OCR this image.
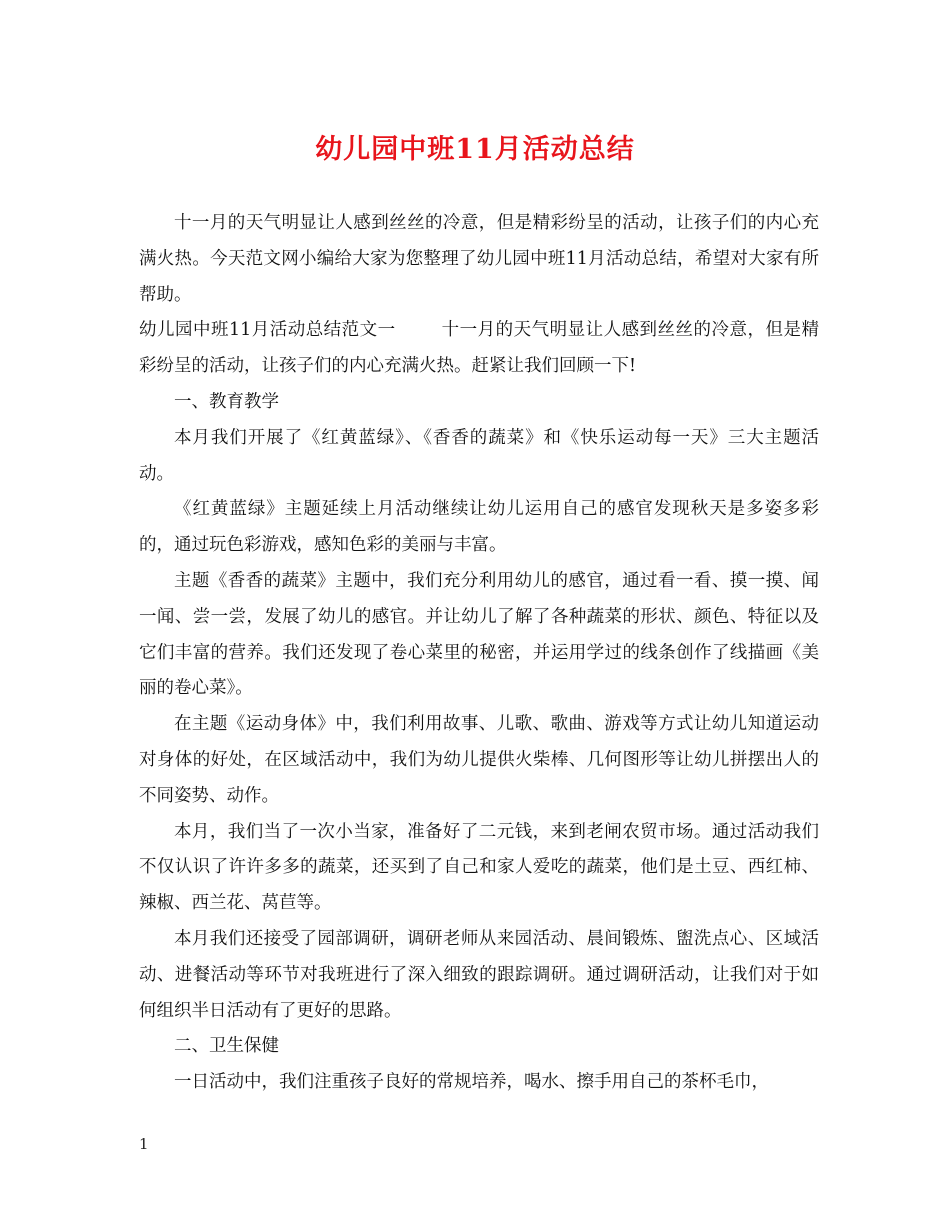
幼儿园中班11月活动总结

十一月的天气明显让人感到丝丝的冷意，但是精彩纷呈的活动，让孩子们的内心充满火热。今天范文网小编给大家为您整理了幼儿园中班11月活动总结，希望对大家有所帮助。

幼儿园中班11月活动总结范文一	十一月的天气明显让人感到丝丝的冷意，但是精彩纷呈的活动，让孩子们的内心充满火热。赶紧让我们回顾一下!

一、教育教学

本月我们开展了《红黄蓝绿》、《香香的蔬菜》和《快乐运动每一天》三大主题活动。

《红黄蓝绿》主题延续上月活动继续让幼儿运用自己的感官发现秋天是多姿多彩的，通过玩色彩游戏，感知色彩的美丽与丰富。

主题《香香的蔬菜》主题中，我们充分利用幼儿的感官，通过看一看、摸一摸、闻一闻、尝一尝，发展了幼儿的感官。并让幼儿了解了各种蔬菜的形状、颜色、特征以及它们丰富的营养。我们还发现了卷心菜里的秘密，并运用学过的线条创作了线描画《美丽的卷心菜》。

在主题《运动身体》中，我们利用故事、儿歌、歌曲、游戏等方式让幼儿知道运动对身体的好处，在区域活动中，我们为幼儿提供火柴棒、几何图形等让幼儿拼摆出人的不同姿势、动作。

本月，我们当了一次小当家，准备好了二元钱，来到老闸农贸市场。通过活动我们不仅认识了许许多多的蔬菜，还买到了自己和家人爱吃的蔬菜，他们是土豆、西红柿、辣椒、西兰花、莴苣等。

本月我们还接受了园部调研，调研老师从来园活动、晨间锻炼、盥洗点心、区域活动、进餐活动等环节对我班进行了深入细致的跟踪调研。通过调研活动，让我们对于如何组织半日活动有了更好的思路。

二、卫生保健

一日活动中，我们注重孩子良好的常规培养，喝水、擦手用自己的茶杯毛巾，

1
